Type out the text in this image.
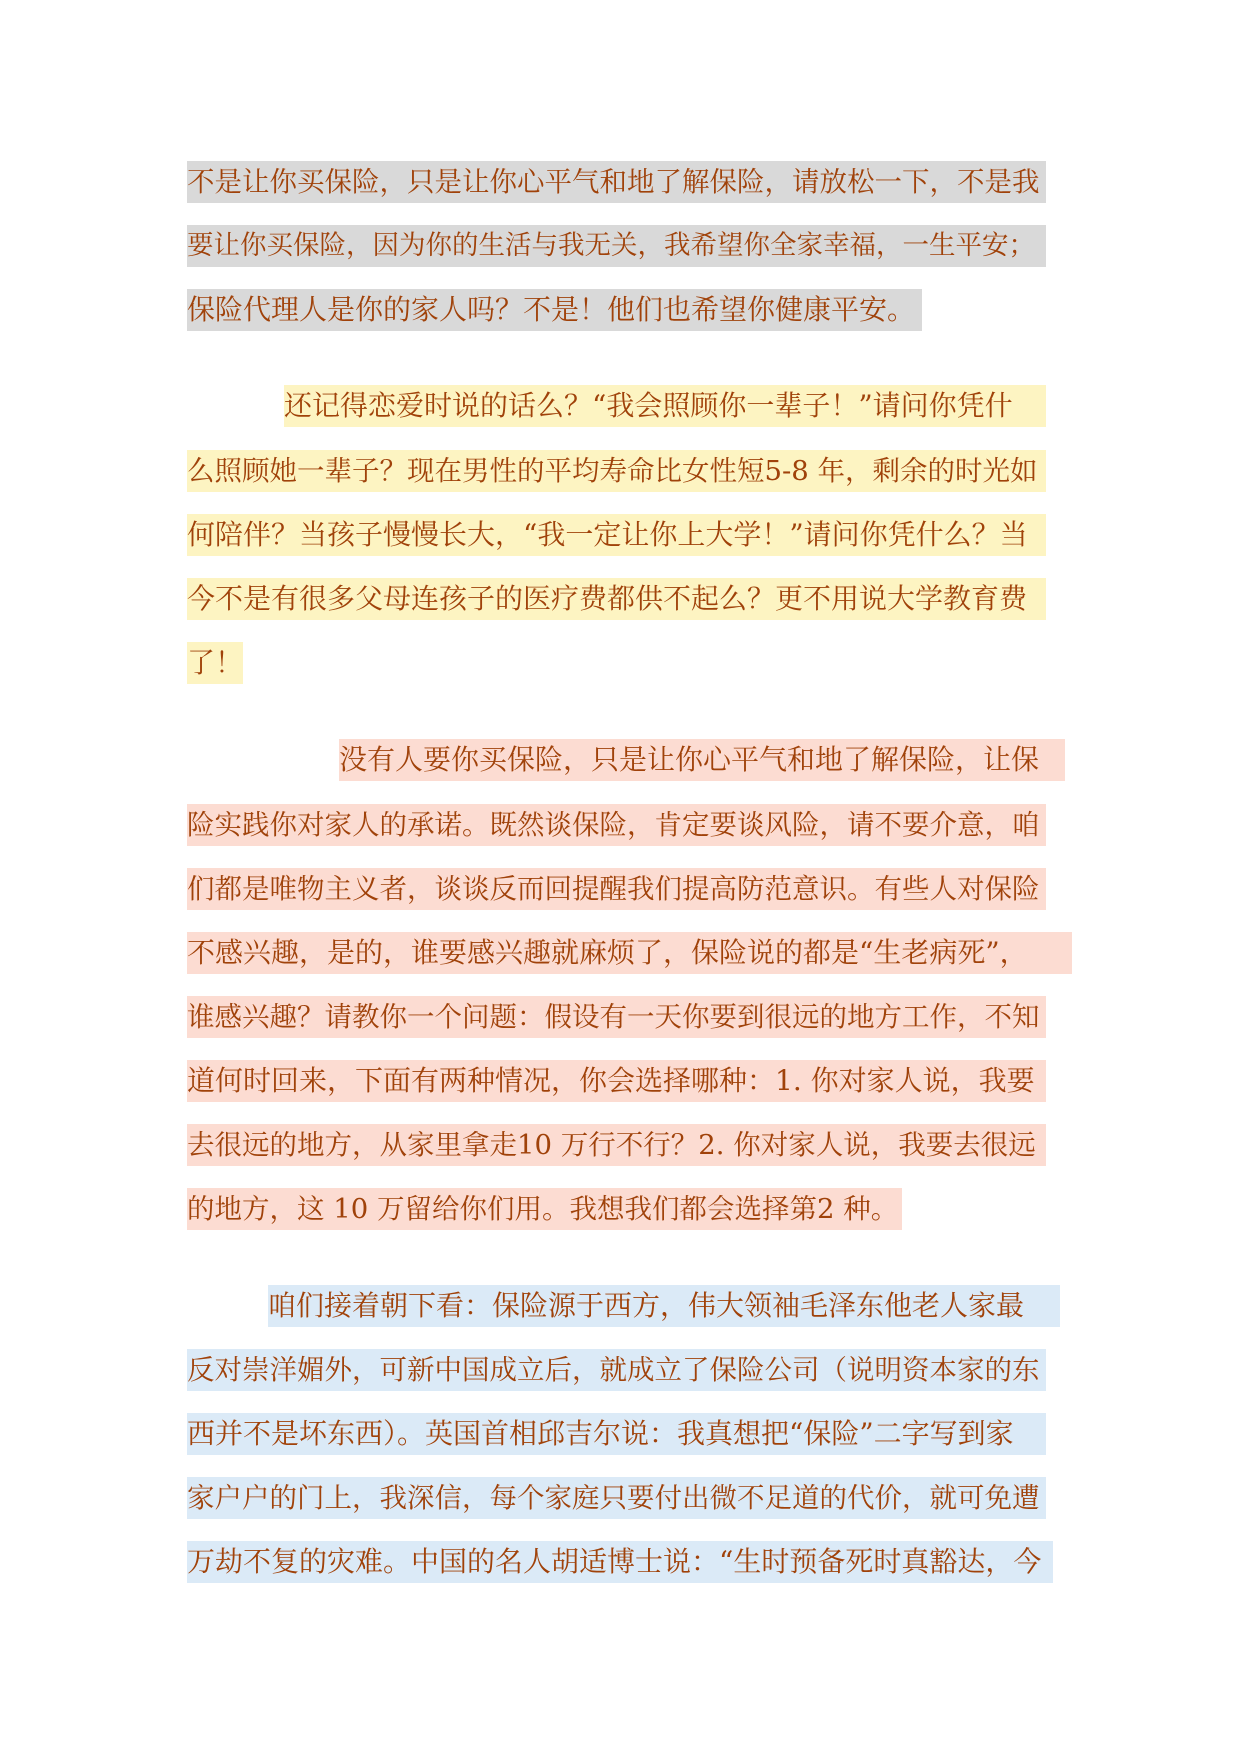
不是让你买保险，只是让你心平气和地了解保险，请放松一下，不是我
要让你买保险，因为你的生活与我无关，我希望你全家幸福，一生平安；
保险代理人是你的家人吗？不是！他们也希望你健康平安。
还记得恋爱时说的话么？“我会照顾你一辈子！”请问你凭什
么照顾她一辈子？现在男性的平均寿命比女性短5-8 年，剩余的时光如
何陪伴？当孩子慢慢长大，“我一定让你上大学！”请问你凭什么？当
今不是有很多父母连孩子的医疗费都供不起么？更不用说大学教育费
了！
没有人要你买保险，只是让你心平气和地了解保险，让保
险实践你对家人的承诺。既然谈保险，肯定要谈风险，请不要介意，咱
们都是唯物主义者，谈谈反而回提醒我们提高防范意识。有些人对保险
不感兴趣，是的，谁要感兴趣就麻烦了，保险说的都是“生老病死”，
谁感兴趣？请教你一个问题：假设有一天你要到很远的地方工作，不知
道何时回来，下面有两种情况，你会选择哪种：1. 你对家人说，我要
去很远的地方，从家里拿走10 万行不行？2. 你对家人说，我要去很远
的地方，这 10 万留给你们用。我想我们都会选择第2 种。
咱们接着朝下看：保险源于西方，伟大领袖毛泽东他老人家最
反对崇洋媚外，可新中国成立后，就成立了保险公司（说明资本家的东
西并不是坏东西）。英国首相邱吉尔说：我真想把“保险”二字写到家
家户户的门上，我深信，每个家庭只要付出微不足道的代价，就可免遭
万劫不复的灾难。中国的名人胡适博士说：“生时预备死时真豁达，今
